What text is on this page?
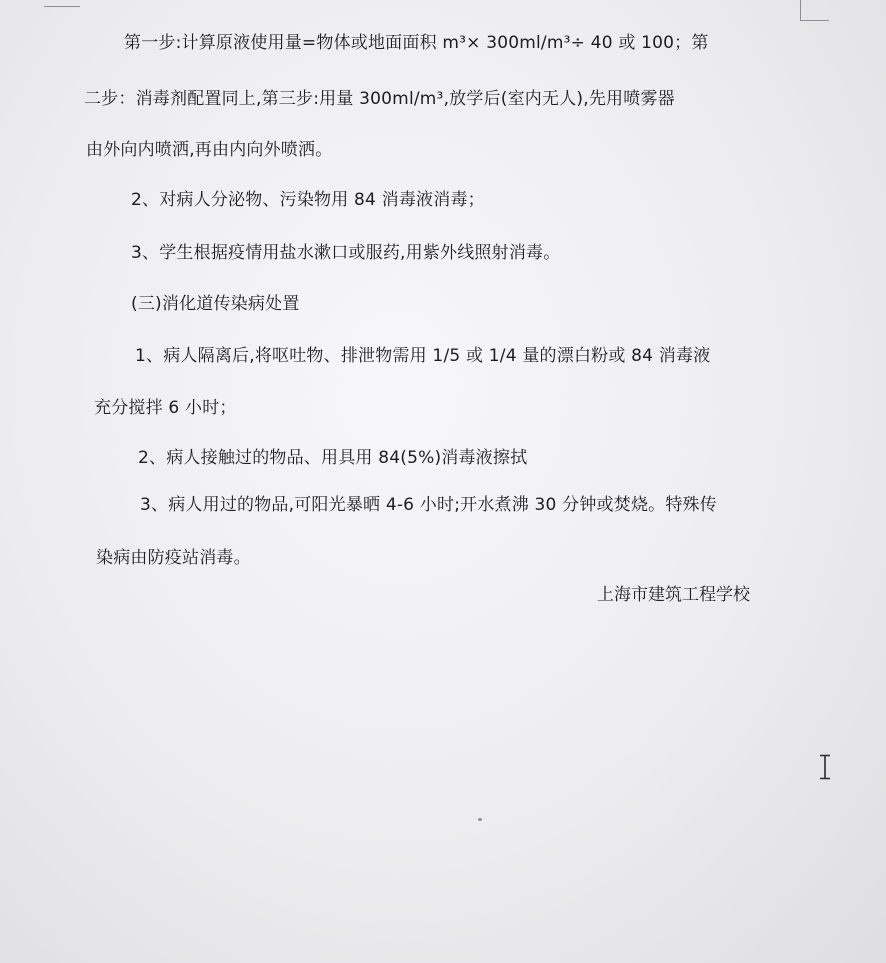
第一步:计算原液使用量=物体或地面面积 m³× 300ml/m³÷ 40 或 100；第
二步：消毒剂配置同上,第三步:用量 300ml/m³,放学后(室内无人),先用喷雾器
由外向内喷洒,再由内向外喷洒。
2、对病人分泌物、污染物用 84 消毒液消毒；
3、学生根据疫情用盐水漱口或服药,用紫外线照射消毒。
(三)消化道传染病处置
1、病人隔离后,将呕吐物、排泄物需用 1/5 或 1/4 量的漂白粉或 84 消毒液
充分搅拌 6 小时；
2、病人接触过的物品、用具用 84(5%)消毒液擦拭
3、病人用过的物品,可阳光暴晒 4-6 小时;开水煮沸 30 分钟或焚烧。特殊传
染病由防疫站消毒。
上海市建筑工程学校
